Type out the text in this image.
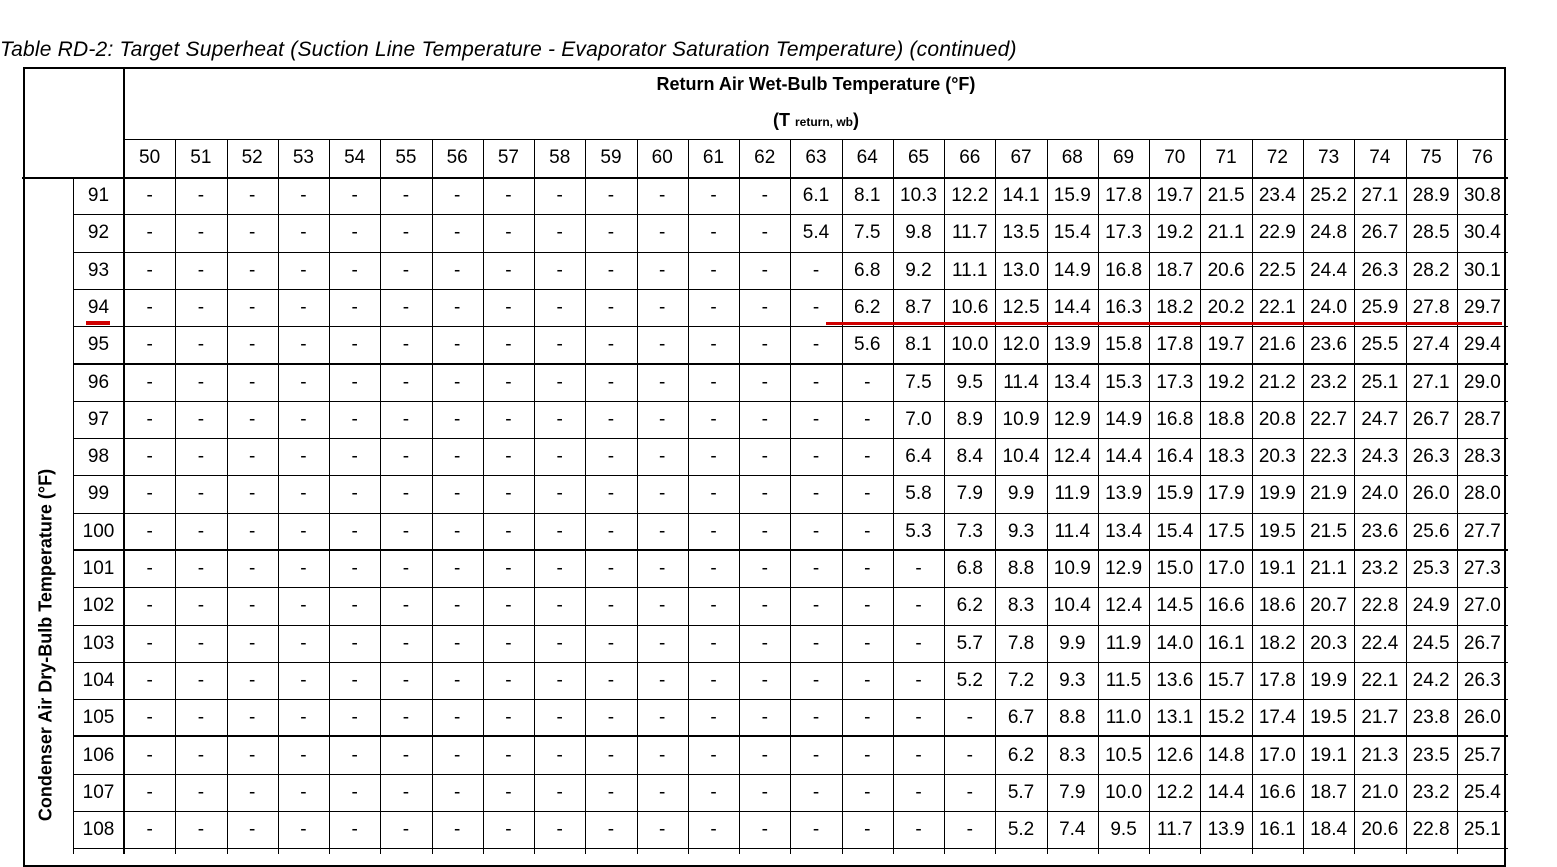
Table RD-2: Target Superheat (Suction Line Temperature - Evaporator Saturation Temperature) (continued)
Return Air Wet-Bulb Temperature (°F)
(T return, wb)
Condenser Air Dry-Bulb Temperature (°F)
50	51	52	53	54	55	56	57	58	59	60	61	62	63	64	65	66	67	68	69	70	71	72	73	74	75	76
91	-	-	-	-	-	-	-	-	-	-	-	-	-	6.1	8.1	10.3 12.2 14.1 15.9 17.8 19.7 21.5 23.4 25.2 27.1 28.9 30.8
92	-	-	-	-	-	-	-	-	-	-	-	-	-	5.4	7.5	9.8	11.7 13.5 15.4 17.3 19.2 21.1 22.9 24.8 26.7 28.5 30.4
93	-	-	-	-	-	-	-	-	-	-	-	-	-	-	6.8	9.2	11.1 13.0 14.9 16.8 18.7 20.6 22.5 24.4 26.3 28.2 30.1
94	-	-	-	-	-	-	-	-	-	-	-	-	-	-	6.2	8.7	10.6 12.5 14.4 16.3 18.2 20.2 22.1 24.0 25.9 27.8 29.7
95	-	-	-	-	-	-	-	-	-	-	-	-	-	-	5.6	8.1	10.0 12.0 13.9 15.8 17.8 19.7 21.6 23.6 25.5 27.4 29.4
96	-	-	-	-	-	-	-	-	-	-	-	-	-	-	-	7.5	9.5	11.4 13.4 15.3 17.3 19.2 21.2 23.2 25.1 27.1 29.0
97	-	-	-	-	-	-	-	-	-	-	-	-	-	-	-	7.0	8.9	10.9 12.9 14.9 16.8 18.8 20.8 22.7 24.7 26.7 28.7
98	-	-	-	-	-	-	-	-	-	-	-	-	-	-	-	6.4	8.4	10.4 12.4 14.4 16.4 18.3 20.3 22.3 24.3 26.3 28.3
99	-	-	-	-	-	-	-	-	-	-	-	-	-	-	-	5.8	7.9	9.9	11.9 13.9 15.9 17.9 19.9 21.9 24.0 26.0 28.0
100	-	-	-	-	-	-	-	-	-	-	-	-	-	-	-	5.3	7.3	9.3	11.4 13.4 15.4 17.5 19.5 21.5 23.6 25.6 27.7
101	-	-	-	-	-	-	-	-	-	-	-	-	-	-	-	-	6.8	8.8	10.9 12.9 15.0 17.0 19.1 21.1 23.2 25.3 27.3
102	-	-	-	-	-	-	-	-	-	-	-	-	-	-	-	-	6.2	8.3	10.4 12.4 14.5 16.6 18.6 20.7 22.8 24.9 27.0
103	-	-	-	-	-	-	-	-	-	-	-	-	-	-	-	-	5.7	7.8	9.9	11.9 14.0 16.1 18.2 20.3 22.4 24.5 26.7
104	-	-	-	-	-	-	-	-	-	-	-	-	-	-	-	-	5.2	7.2	9.3	11.5 13.6 15.7 17.8 19.9 22.1 24.2 26.3
105	-	-	-	-	-	-	-	-	-	-	-	-	-	-	-	-	-	6.7	8.8	11.0 13.1 15.2 17.4 19.5 21.7 23.8 26.0
106	-	-	-	-	-	-	-	-	-	-	-	-	-	-	-	-	-	6.2	8.3	10.5 12.6 14.8 17.0 19.1 21.3 23.5 25.7
107	-	-	-	-	-	-	-	-	-	-	-	-	-	-	-	-	-	5.7	7.9	10.0 12.2 14.4 16.6 18.7 21.0 23.2 25.4
108	-	-	-	-	-	-	-	-	-	-	-	-	-	-	-	-	-	5.2	7.4	9.5	11.7 13.9 16.1 18.4 20.6 22.8 25.1
